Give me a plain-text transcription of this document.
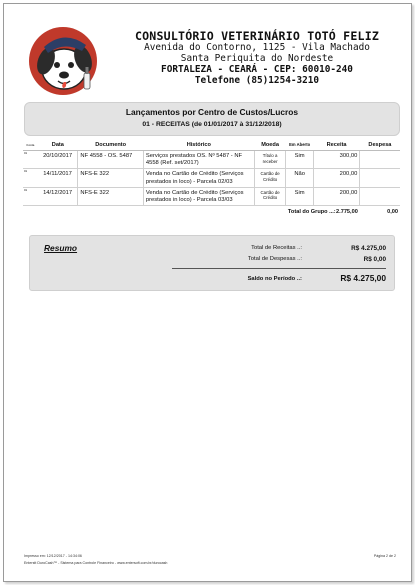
CONSULTÓRIO VETERINÁRIO TOTÓ FELIZ
Avenida do Contorno, 1125 - Vila Machado
Santa Periquita do Nordeste
FORTALEZA - CEARÁ - CEP: 60010-240
Telefone (85)1254-3210
Lançamentos por Centro de Custos/Lucros
01 - RECEITAS (de 01/01/2017 à 31/12/2018)
Conta	Data	Documento	Histórico	Moeda	Em Aberto	Receita	Despesa
01	20/10/2017	NF 4558 - OS. 5487	Serviços prestados OS. Nº 5487 - NF 4558 (Ref. set/2017)	Título a receber	Sim	300,00	
01	14/11/2017	NFS-E 322	Venda no Cartão de Crédito (Serviços prestados in loco) - Parcela 02/03	Cartão de Crédito	Não	200,00	
01	14/12/2017	NFS-E 322	Venda no Cartão de Crédito (Serviços prestados in loco) - Parcela 03/03	Cartão de Crédito	Sim	200,00	
					Total do Grupo ...:	2.775,00	0,00
Resumo	Total de Receitas ..:	R$ 4.275,00
Total de Despesas ..:	R$ 0,00
Saldo no Período ..:	R$ 4.275,00
Impresso em: 12/12/2017 - 14:34:06
Enterstt DuroCash™ - Sistema para Controle Financeiro - www.entersoft.com.br/durocash
Página 2 de 2
